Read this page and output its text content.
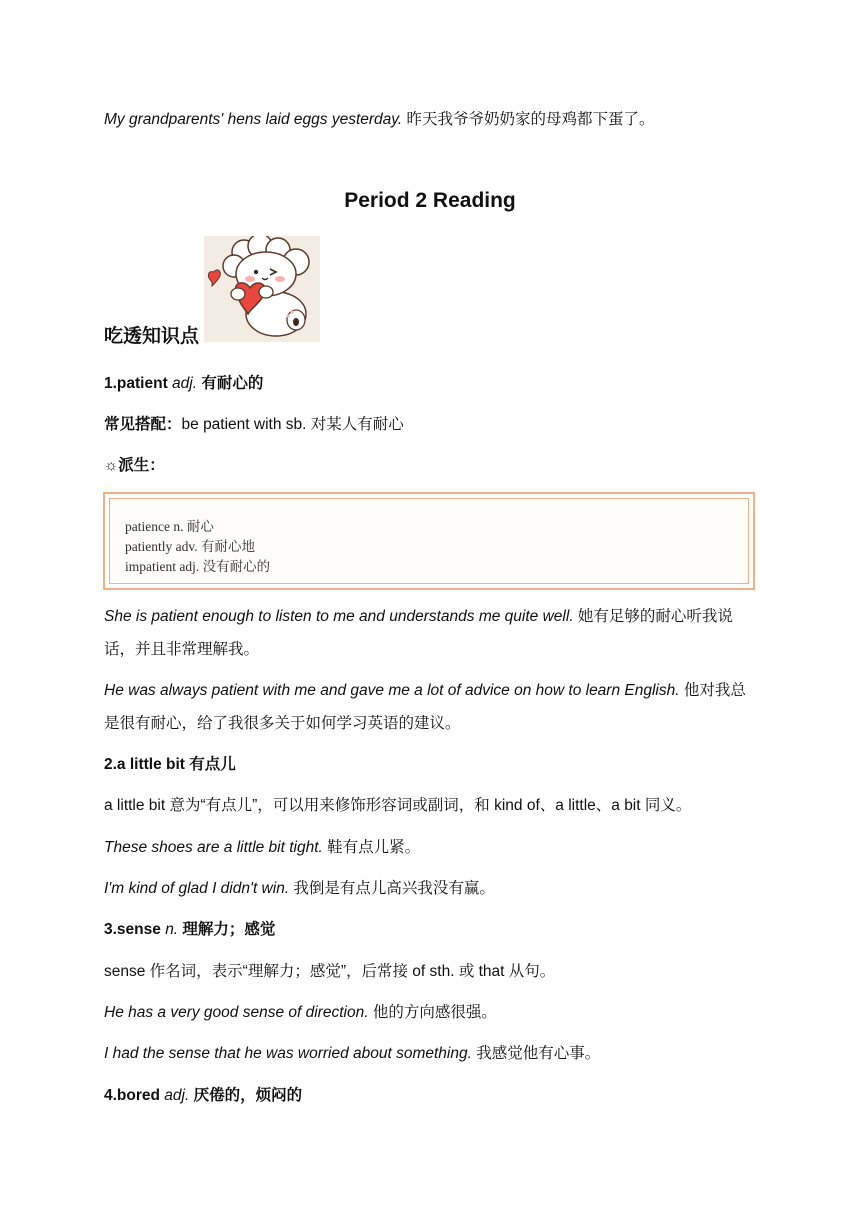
My grandparents' hens laid eggs yesterday. 昨天我爷爷奶奶家的母鸡都下蛋了。
Period 2 Reading
吃透知识点
1.patient adj. 有耐心的
常见搭配：be patient with sb. 对某人有耐心
☼派生：
patience n. 耐心
patiently adv. 有耐心地
impatient adj. 没有耐心的
She is patient enough to listen to me and understands me quite well. 她有足够的耐心听我说话，并且非常理解我。
He was always patient with me and gave me a lot of advice on how to learn English. 他对我总是很有耐心，给了我很多关于如何学习英语的建议。
2.a little bit 有点儿
a little bit 意为“有点儿”，可以用来修饰形容词或副词，和 kind of、a little、a bit 同义。
These shoes are a little bit tight. 鞋有点儿紧。
I'm kind of glad I didn't win. 我倒是有点儿高兴我没有赢。
3.sense n. 理解力；感觉
sense 作名词，表示“理解力；感觉”，后常接 of sth. 或 that 从句。
He has a very good sense of direction. 他的方向感很强。
I had the sense that he was worried about something. 我感觉他有心事。
4.bored adj. 厌倦的，烦闷的
